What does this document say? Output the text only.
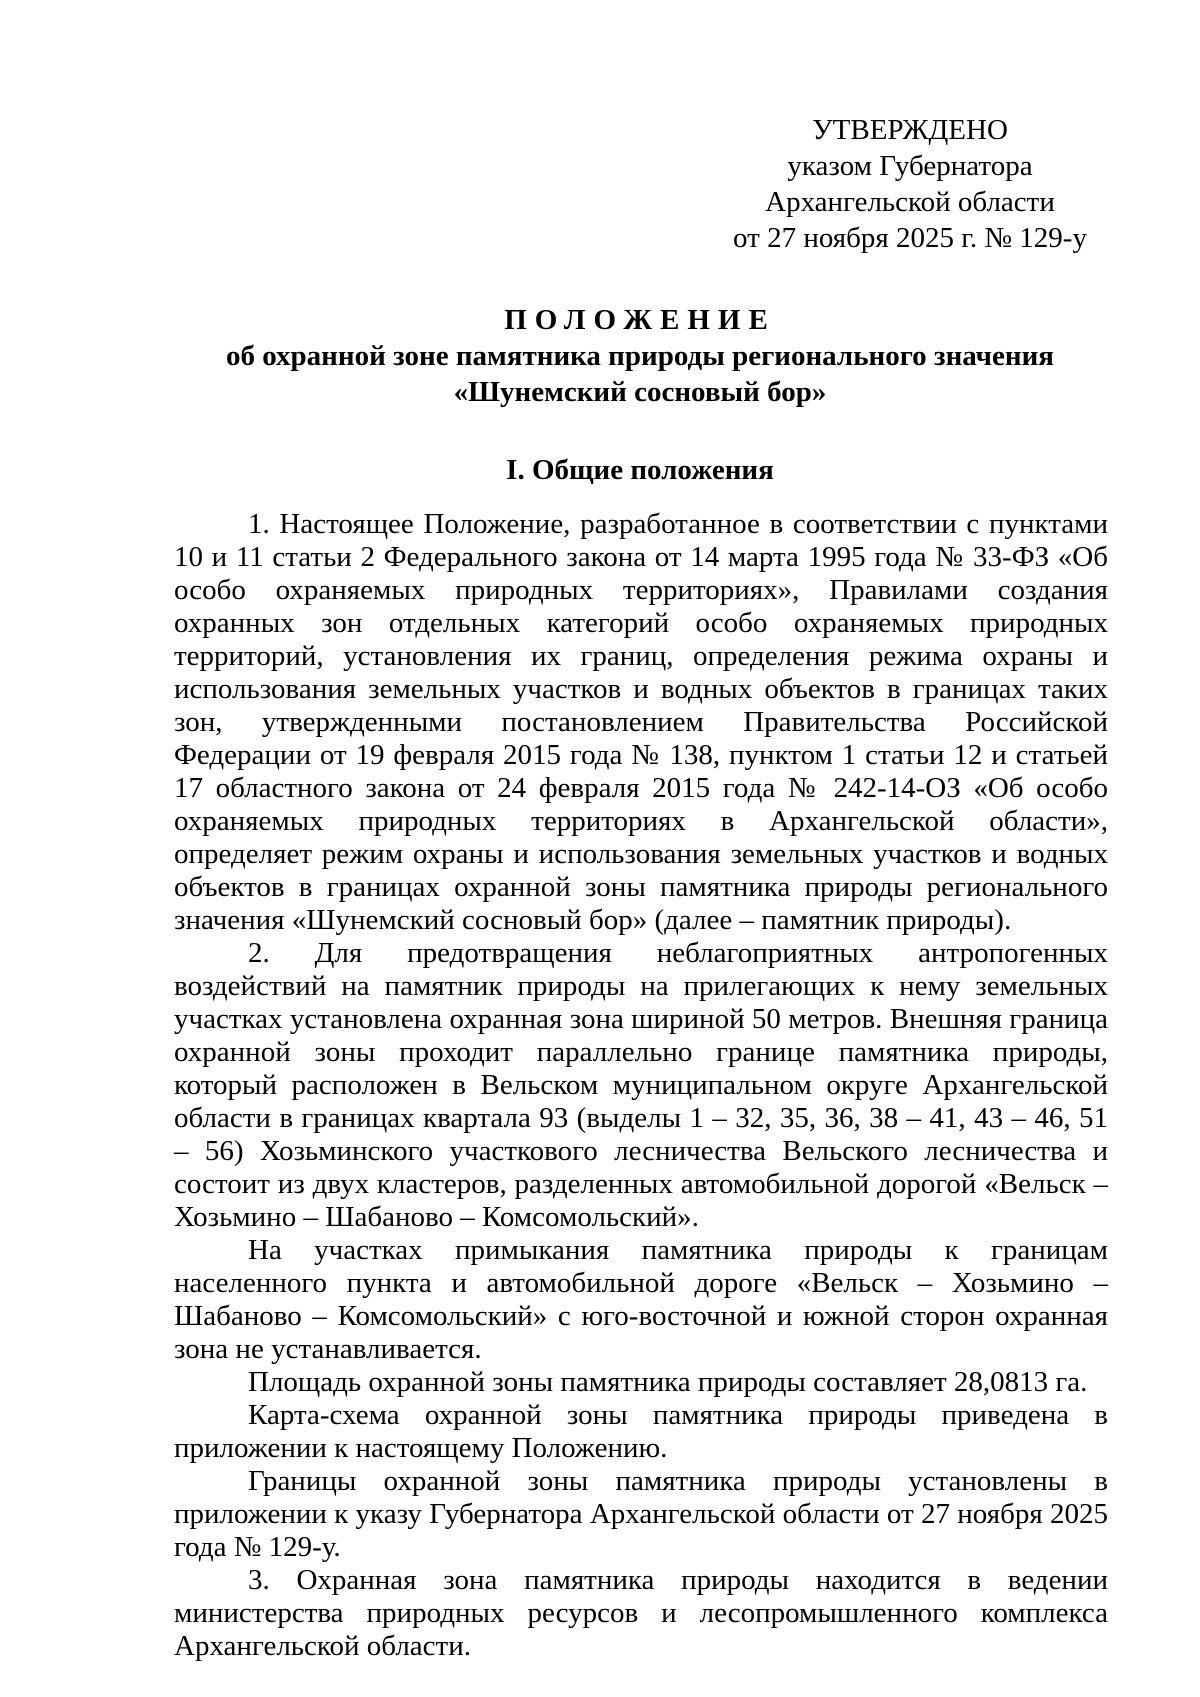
УТВЕРЖДЕНО
указом Губернатора
Архангельской области
от 27 ноября 2025 г. № 129-у
ПОЛОЖЕНИЕ
об охранной зоне памятника природы регионального значения
«Шунемский сосновый бор»
I. Общие положения

1. Настоящее Положение, разработанное в соответствии с пунктами 10 и 11 статьи 2 Федерального закона от 14 марта 1995 года № 33-ФЗ «Об особо охраняемых природных территориях», Правилами создания охранных зон отдельных категорий особо охраняемых природных территорий, установления их границ, определения режима охраны и использования земельных участков и водных объектов в границах таких зон, утвержденными постановлением Правительства Российской Федерации от 19 февраля 2015 года № 138, пунктом 1 статьи 12 и статьей 17 областного закона от 24 февраля 2015 года № 242-14-ОЗ «Об особо охраняемых природных территориях в Архангельской области», определяет режим охраны и использования земельных участков и водных объектов в границах охранной зоны памятника природы регионального значения «Шунемский сосновый бор» (далее – памятник природы).

2. Для предотвращения неблагоприятных антропогенных воздействий на памятник природы на прилегающих к нему земельных участках установлена охранная зона шириной 50 метров. Внешняя граница охранной зоны проходит параллельно границе памятника природы, который расположен в Вельском муниципальном округе Архангельской области в границах квартала 93 (выделы 1 – 32, 35, 36, 38 – 41, 43 – 46, 51 – 56) Хозьминского участкового лесничества Вельского лесничества и состоит из двух кластеров, разделенных автомобильной дорогой «Вельск – Хозьмино – Шабаново – Комсомольский».

На участках примыкания памятника природы к границам населенного пункта и автомобильной дороге «Вельск – Хозьмино – Шабаново – Комсомольский» с юго-восточной и южной сторон охранная зона не устанавливается.

Площадь охранной зоны памятника природы составляет 28,0813 га.

Карта-схема охранной зоны памятника природы приведена в приложении к настоящему Положению.

Границы охранной зоны памятника природы установлены в приложении к указу Губернатора Архангельской области от 27 ноября 2025 года № 129-у.

3. Охранная зона памятника природы находится в ведении министерства природных ресурсов и лесопромышленного комплекса Архангельской области.
